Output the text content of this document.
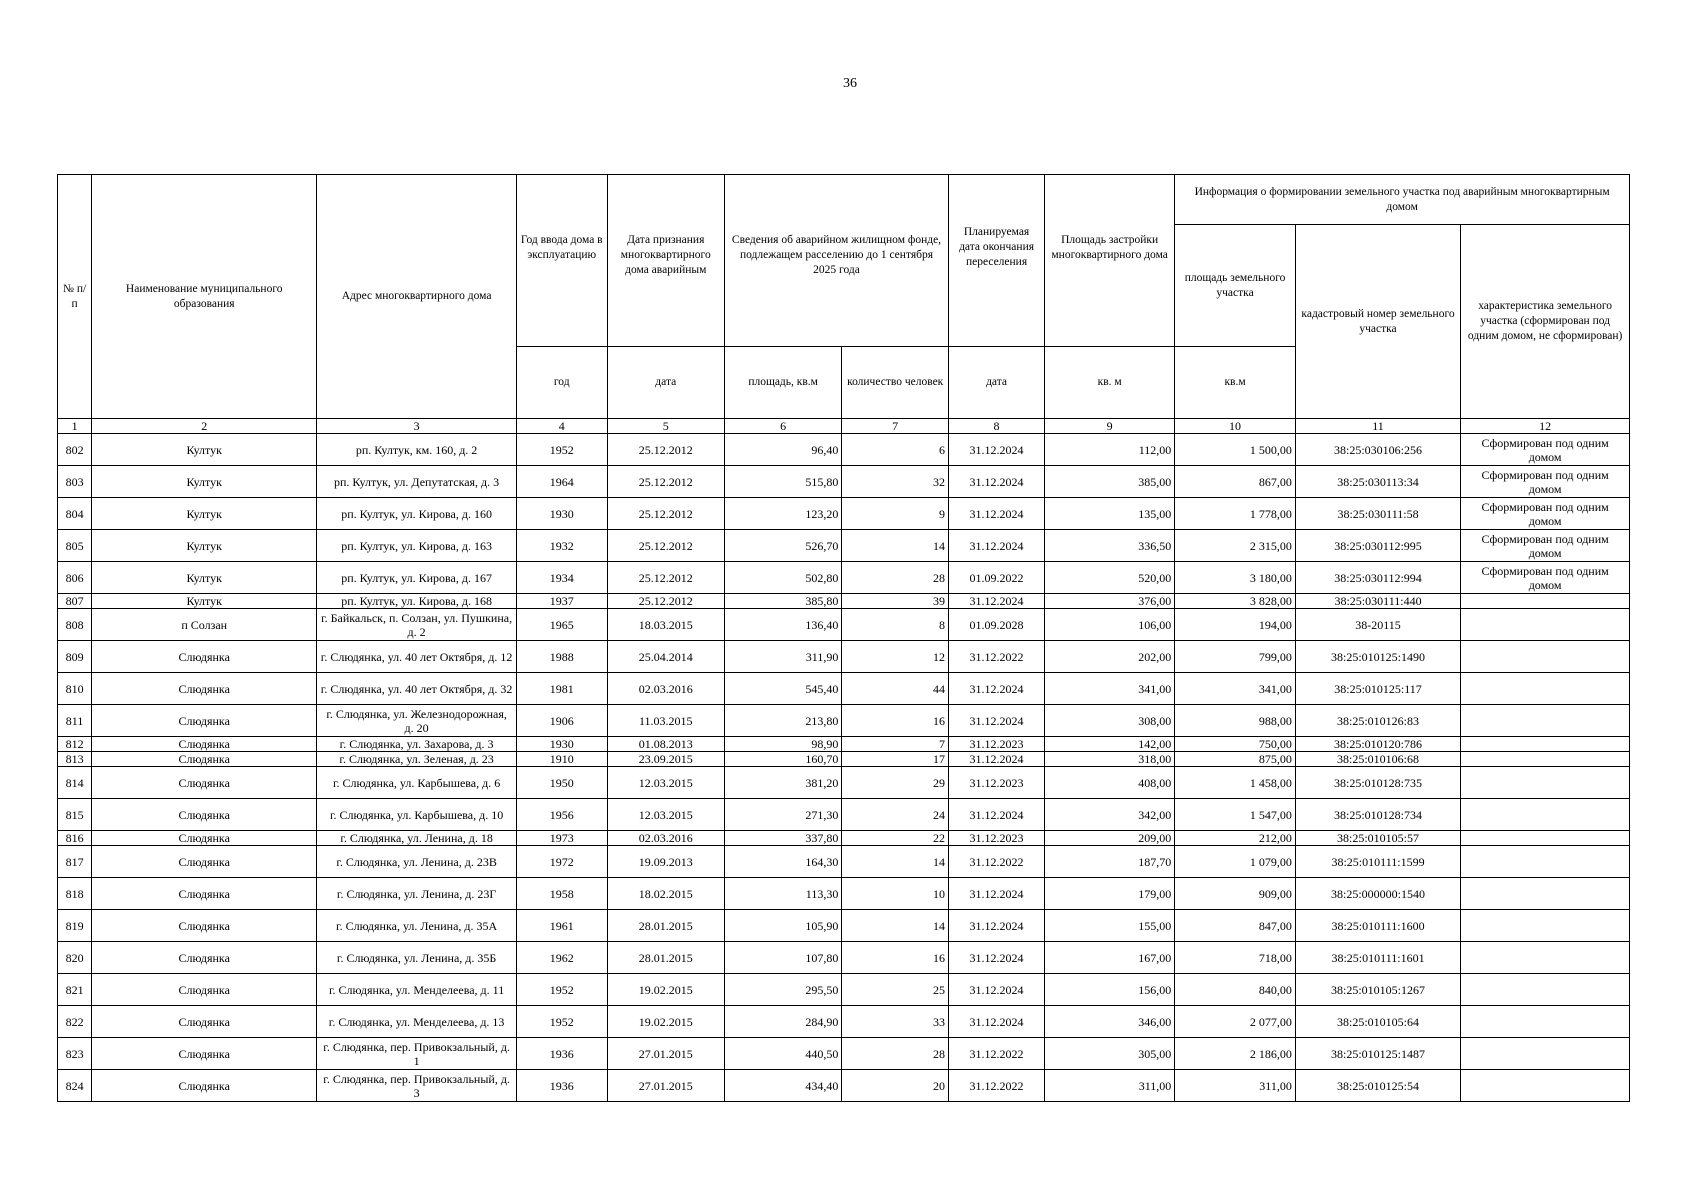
36
№ п/п	Наименование муниципального образования	Адрес многоквартирного дома	Год ввода дома в эксплуатацию	Дата признания многоквартирного дома аварийным	Сведения об аварийном жилищном фонде, подлежащем расселению до 1 сентября 2025 года		Планируемая дата окончания переселения	Площадь застройки многоквартирного дома	Информация о формировании земельного участка под аварийным многоквартирным домом		
									площадь земельного участка	кадастровый номер земельного участка	характеристика земельного участка (сформирован под одним домом, не сформирован)
			год	дата	площадь, кв.м	количество человек	дата	кв. м	кв.м		
1	2	3	4	5	6	7	8	9	10	11	12
802	Култук	рп. Култук, км. 160, д. 2	1952	25.12.2012	96,40	6	31.12.2024	112,00	1 500,00	38:25:030106:256	Сформирован под одним домом
803	Култук	рп. Култук, ул. Депутатская, д. 3	1964	25.12.2012	515,80	32	31.12.2024	385,00	867,00	38:25:030113:34	Сформирован под одним домом
804	Култук	рп. Култук, ул. Кирова, д. 160	1930	25.12.2012	123,20	9	31.12.2024	135,00	1 778,00	38:25:030111:58	Сформирован под одним домом
805	Култук	рп. Култук, ул. Кирова, д. 163	1932	25.12.2012	526,70	14	31.12.2024	336,50	2 315,00	38:25:030112:995	Сформирован под одним домом
806	Култук	рп. Култук, ул. Кирова, д. 167	1934	25.12.2012	502,80	28	01.09.2022	520,00	3 180,00	38:25:030112:994	Сформирован под одним домом
807	Култук	рп. Култук, ул. Кирова, д. 168	1937	25.12.2012	385,80	39	31.12.2024	376,00	3 828,00	38:25:030111:440	
808	п Солзан	г. Байкальск, п. Солзан, ул. Пушкина, д. 2	1965	18.03.2015	136,40	8	01.09.2028	106,00	194,00	38-20115	
809	Слюдянка	г. Слюдянка, ул. 40 лет Октября, д. 12	1988	25.04.2014	311,90	12	31.12.2022	202,00	799,00	38:25:010125:1490	
810	Слюдянка	г. Слюдянка, ул. 40 лет Октября, д. 32	1981	02.03.2016	545,40	44	31.12.2024	341,00	341,00	38:25:010125:117	
811	Слюдянка	г. Слюдянка, ул. Железнодорожная, д. 20	1906	11.03.2015	213,80	16	31.12.2024	308,00	988,00	38:25:010126:83	
812	Слюдянка	г. Слюдянка, ул. Захарова, д. 3	1930	01.08.2013	98,90	7	31.12.2023	142,00	750,00	38:25:010120:786	
813	Слюдянка	г. Слюдянка, ул. Зеленая, д. 23	1910	23.09.2015	160,70	17	31.12.2024	318,00	875,00	38:25:010106:68	
814	Слюдянка	г. Слюдянка, ул. Карбышева, д. 6	1950	12.03.2015	381,20	29	31.12.2023	408,00	1 458,00	38:25:010128:735	
815	Слюдянка	г. Слюдянка, ул. Карбышева, д. 10	1956	12.03.2015	271,30	24	31.12.2024	342,00	1 547,00	38:25:010128:734	
816	Слюдянка	г. Слюдянка, ул. Ленина, д. 18	1973	02.03.2016	337,80	22	31.12.2023	209,00	212,00	38:25:010105:57	
817	Слюдянка	г. Слюдянка, ул. Ленина, д. 23В	1972	19.09.2013	164,30	14	31.12.2022	187,70	1 079,00	38:25:010111:1599	
818	Слюдянка	г. Слюдянка, ул. Ленина, д. 23Г	1958	18.02.2015	113,30	10	31.12.2024	179,00	909,00	38:25:000000:1540	
819	Слюдянка	г. Слюдянка, ул. Ленина, д. 35А	1961	28.01.2015	105,90	14	31.12.2024	155,00	847,00	38:25:010111:1600	
820	Слюдянка	г. Слюдянка, ул. Ленина, д. 35Б	1962	28.01.2015	107,80	16	31.12.2024	167,00	718,00	38:25:010111:1601	
821	Слюдянка	г. Слюдянка, ул. Менделеева, д. 11	1952	19.02.2015	295,50	25	31.12.2024	156,00	840,00	38:25:010105:1267	
822	Слюдянка	г. Слюдянка, ул. Менделеева, д. 13	1952	19.02.2015	284,90	33	31.12.2024	346,00	2 077,00	38:25:010105:64	
823	Слюдянка	г. Слюдянка, пер. Привокзальный, д. 1	1936	27.01.2015	440,50	28	31.12.2022	305,00	2 186,00	38:25:010125:1487	
824	Слюдянка	г. Слюдянка, пер. Привокзальный, д. 3	1936	27.01.2015	434,40	20	31.12.2022	311,00	311,00	38:25:010125:54	
